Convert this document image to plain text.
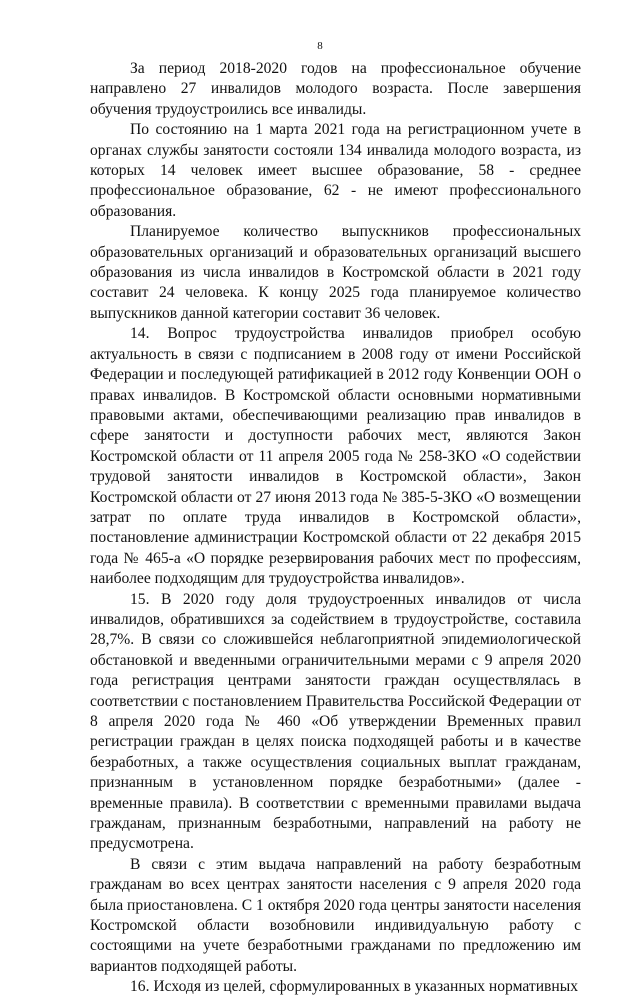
8

За период 2018-2020 годов на профессиональное обучение направлено 27 инвалидов молодого возраста. После завершения обучения трудоустроились все инвалиды.

По состоянию на 1 марта 2021 года на регистрационном учете в органах службы занятости состояли 134 инвалида молодого возраста, из которых 14 человек имеет высшее образование, 58 - среднее профессиональное образование, 62 - не имеют профессионального образования.

Планируемое количество выпускников профессиональных образовательных организаций и образовательных организаций высшего образования из числа инвалидов в Костромской области в 2021 году составит 24 человека. К концу 2025 года планируемое количество выпускников данной категории составит 36 человек.

14. Вопрос трудоустройства инвалидов приобрел особую актуальность в связи с подписанием в 2008 году от имени Российской Федерации и последующей ратификацией в 2012 году Конвенции ООН о правах инвалидов. В Костромской области основными нормативными правовыми актами, обеспечивающими реализацию прав инвалидов в сфере занятости и доступности рабочих мест, являются Закон Костромской области от 11 апреля 2005 года № 258-ЗКО «О содействии трудовой занятости инвалидов в Костромской области», Закон Костромской области от 27 июня 2013 года № 385-5-ЗКО «О возмещении затрат по оплате труда инвалидов в Костромской области», постановление администрации Костромской области от 22 декабря 2015 года № 465-а «О порядке резервирования рабочих мест по профессиям, наиболее подходящим для трудоустройства инвалидов».

15. В 2020 году доля трудоустроенных инвалидов от числа инвалидов, обратившихся за содействием в трудоустройстве, составила 28,7%. В связи со сложившейся неблагоприятной эпидемиологической обстановкой и введенными ограничительными мерами с 9 апреля 2020 года регистрация центрами занятости граждан осуществлялась в соответствии с постановлением Правительства Российской Федерации от 8 апреля 2020 года № 460 «Об утверждении Временных правил регистрации граждан в целях поиска подходящей работы и в качестве безработных, а также осуществления социальных выплат гражданам, признанным в установленном порядке безработными» (далее - временные правила). В соответствии с временными правилами выдача гражданам, признанным безработными, направлений на работу не предусмотрена.

В связи с этим выдача направлений на работу безработным гражданам во всех центрах занятости населения с 9 апреля 2020 года была приостановлена. С 1 октября 2020 года центры занятости населения Костромской области возобновили индивидуальную работу с состоящими на учете безработными гражданами по предложению им вариантов подходящей работы.

16. Исходя из целей, сформулированных в указанных нормативных
